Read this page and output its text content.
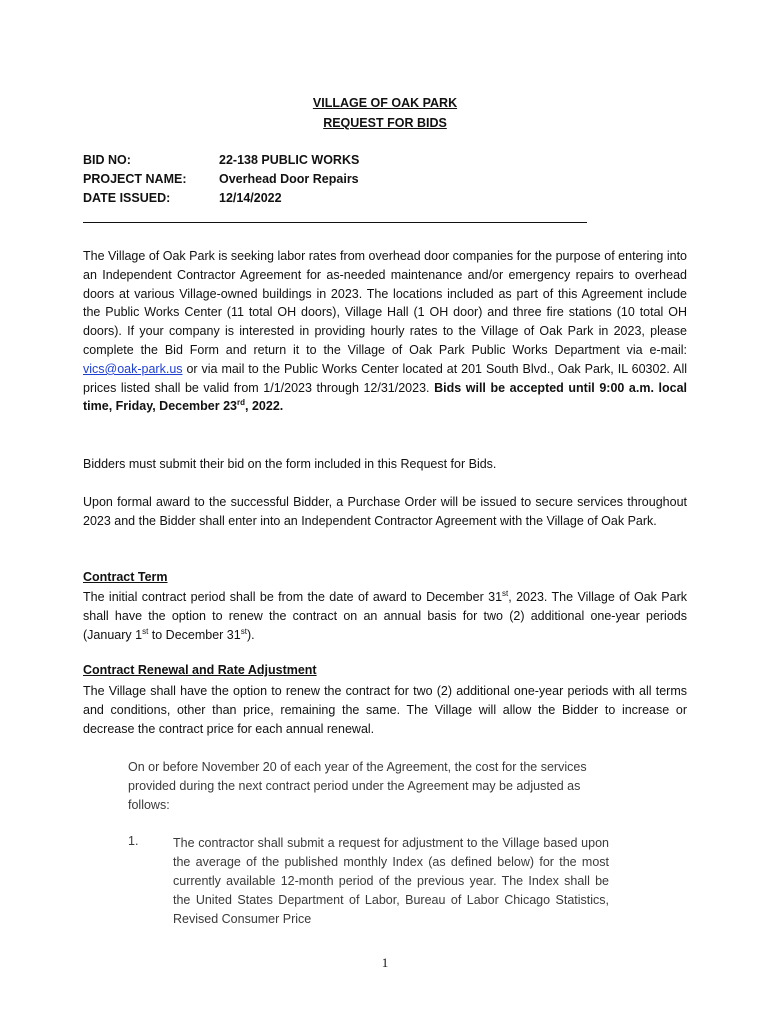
VILLAGE OF OAK PARK
REQUEST FOR BIDS
BID NO:	22-138 PUBLIC WORKS
PROJECT NAME:	Overhead Door Repairs
DATE ISSUED:	12/14/2022

The Village of Oak Park is seeking labor rates from overhead door companies for the purpose of entering into an Independent Contractor Agreement for as-needed maintenance and/or emergency repairs to overhead doors at various Village-owned buildings in 2023. The locations included as part of this Agreement include the Public Works Center (11 total OH doors), Village Hall (1 OH door) and three fire stations (10 total OH doors). If your company is interested in providing hourly rates to the Village of Oak Park in 2023, please complete the Bid Form and return it to the Village of Oak Park Public Works Department via e-mail: vics@oak-park.us or via mail to the Public Works Center located at 201 South Blvd., Oak Park, IL 60302. All prices listed shall be valid from 1/1/2023 through 12/31/2023. Bids will be accepted until 9:00 a.m. local time, Friday, December 23rd, 2022.

Bidders must submit their bid on the form included in this Request for Bids.

Upon formal award to the successful Bidder, a Purchase Order will be issued to secure services throughout 2023 and the Bidder shall enter into an Independent Contractor Agreement with the Village of Oak Park.

Contract Term

The initial contract period shall be from the date of award to December 31st, 2023. The Village of Oak Park shall have the option to renew the contract on an annual basis for two (2) additional one-year periods (January 1st to December 31st).

Contract Renewal and Rate Adjustment

The Village shall have the option to renew the contract for two (2) additional one-year periods with all terms and conditions, other than price, remaining the same. The Village will allow the Bidder to increase or decrease the contract price for each annual renewal.

On or before November 20 of each year of the Agreement, the cost for the services provided during the next contract period under the Agreement may be adjusted as follows:

1.	The contractor shall submit a request for adjustment to the Village based upon the average of the published monthly Index (as defined below) for the most currently available 12-month period of the previous year. The Index shall be the United States Department of Labor, Bureau of Labor Chicago Statistics, Revised Consumer Price

1
